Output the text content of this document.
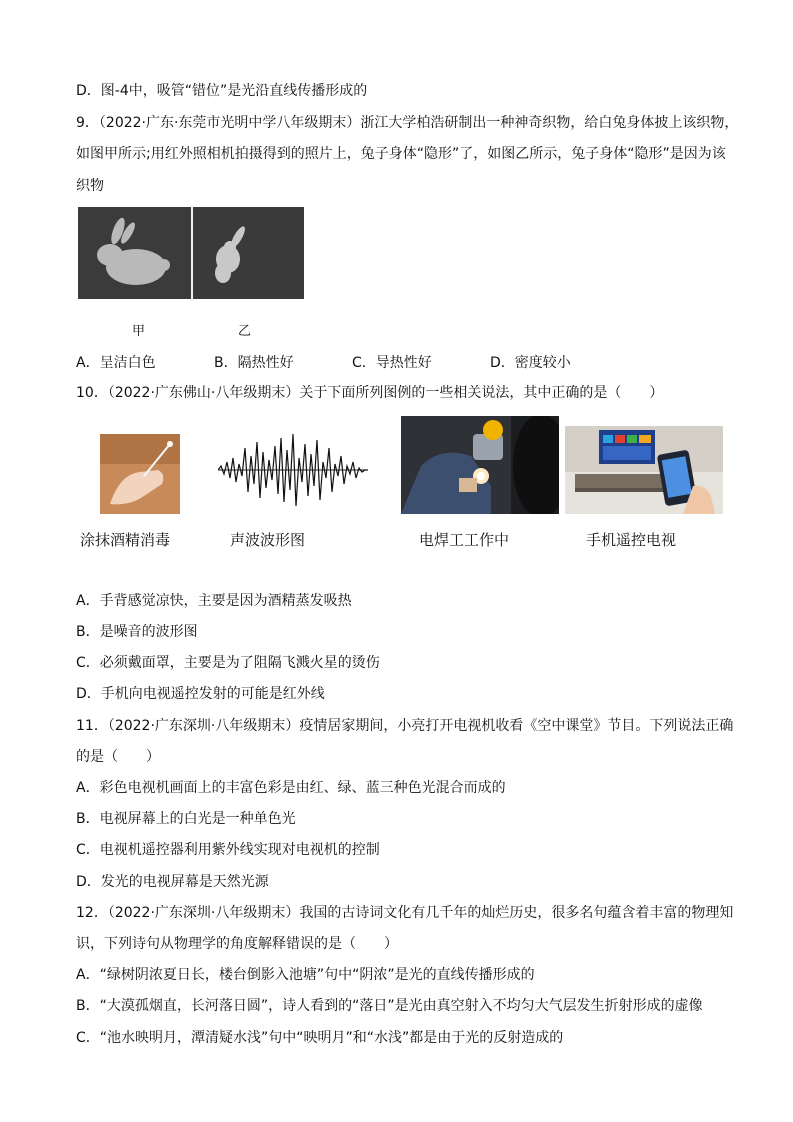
D．图-4中，吸管“错位”是光沿直线传播形成的
9．（2022·广东·东莞市光明中学八年级期末）浙江大学柏浩研制出一种神奇织物，给白兔身体披上该织物，
如图甲所示;用红外照相机拍摄得到的照片上，兔子身体“隐形”了，如图乙所示，兔子身体“隐形”是因为该
织物
甲	乙
A．呈洁白色	B．隔热性好	C．导热性好	D．密度较小
10．（2022·广东佛山·八年级期末）关于下面所列图例的一些相关说法，其中正确的是（　　）
涂抹酒精消毒	声波波形图	电焊工工作中	手机遥控电视
A．手背感觉凉快，主要是因为酒精蒸发吸热
B．是噪音的波形图
C．必须戴面罩，主要是为了阻隔飞溅火星的烫伤
D．手机向电视遥控发射的可能是红外线
11．（2022·广东深圳·八年级期末）疫情居家期间，小亮打开电视机收看《空中课堂》节目。下列说法正确
的是（　　）
A．彩色电视机画面上的丰富色彩是由红、绿、蓝三种色光混合而成的
B．电视屏幕上的白光是一种单色光
C．电视机遥控器利用紫外线实现对电视机的控制
D．发光的电视屏幕是天然光源
12．（2022·广东深圳·八年级期末）我国的古诗词文化有几千年的灿烂历史，很多名句蕴含着丰富的物理知
识，下列诗句从物理学的角度解释错误的是（　　）
A．“绿树阴浓夏日长，楼台倒影入池塘”句中“阴浓”是光的直线传播形成的
B．“大漠孤烟直，长河落日圆”，诗人看到的“落日”是光由真空射入不均匀大气层发生折射形成的虚像
C．“池水映明月，潭清疑水浅”句中“映明月”和“水浅”都是由于光的反射造成的
